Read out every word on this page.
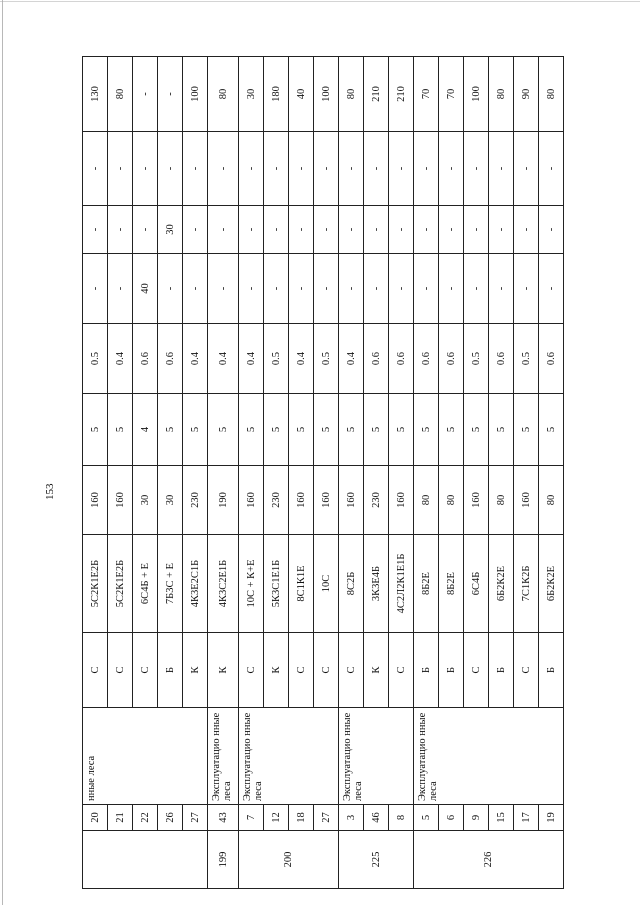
153
	20	нные леса	С	5С2К1Е2Б	160	5	0.5	-	-	-	130
	21		С	5С2К1Е2Б	160	5	0.4	-	-	-	80
	22		С	6С4Б + Е	30	4	0.6	40	-	-	-
	26		Б	7Б3С + Е	30	5	0.6	-	30	-	-
	27		К	4К3Е2С1Б	230	5	0.4	-	-	-	100
199	43	Эксплуатацио нные леса	К	4К3С2Е1Б	190	5	0.4	-	-	-	80
200	7	Эксплуатацио нные леса	С	10С + К+Е	160	5	0.4	-	-	-	30
	12		К	5К3С1Е1Б	230	5	0.5	-	-	-	180
	18		С	8С1К1Е	160	5	0.4	-	-	-	40
	27		С	10С	160	5	0.5	-	-	-	100
225	3	Эксплуатацио нные леса	С	8С2Б	160	5	0.4	-	-	-	80
	46		К	3К3Е4Б	230	5	0.6	-	-	-	210
	8		С	4С2Л2К1Е1Б	160	5	0.6	-	-	-	210
226	5	Эксплуатацио нные леса	Б	8Б2Е	80	5	0.6	-	-	-	70
	6		Б	8Б2Е	80	5	0.6	-	-	-	70
	9		С	6С4Б	160	5	0.5	-	-	-	100
	15		Б	6Б2К2Е	80	5	0.6	-	-	-	80
	17		С	7С1К2Б	160	5	0.5	-	-	-	90
	19		Б	6Б2К2Е	80	5	0.6	-	-	-	80
